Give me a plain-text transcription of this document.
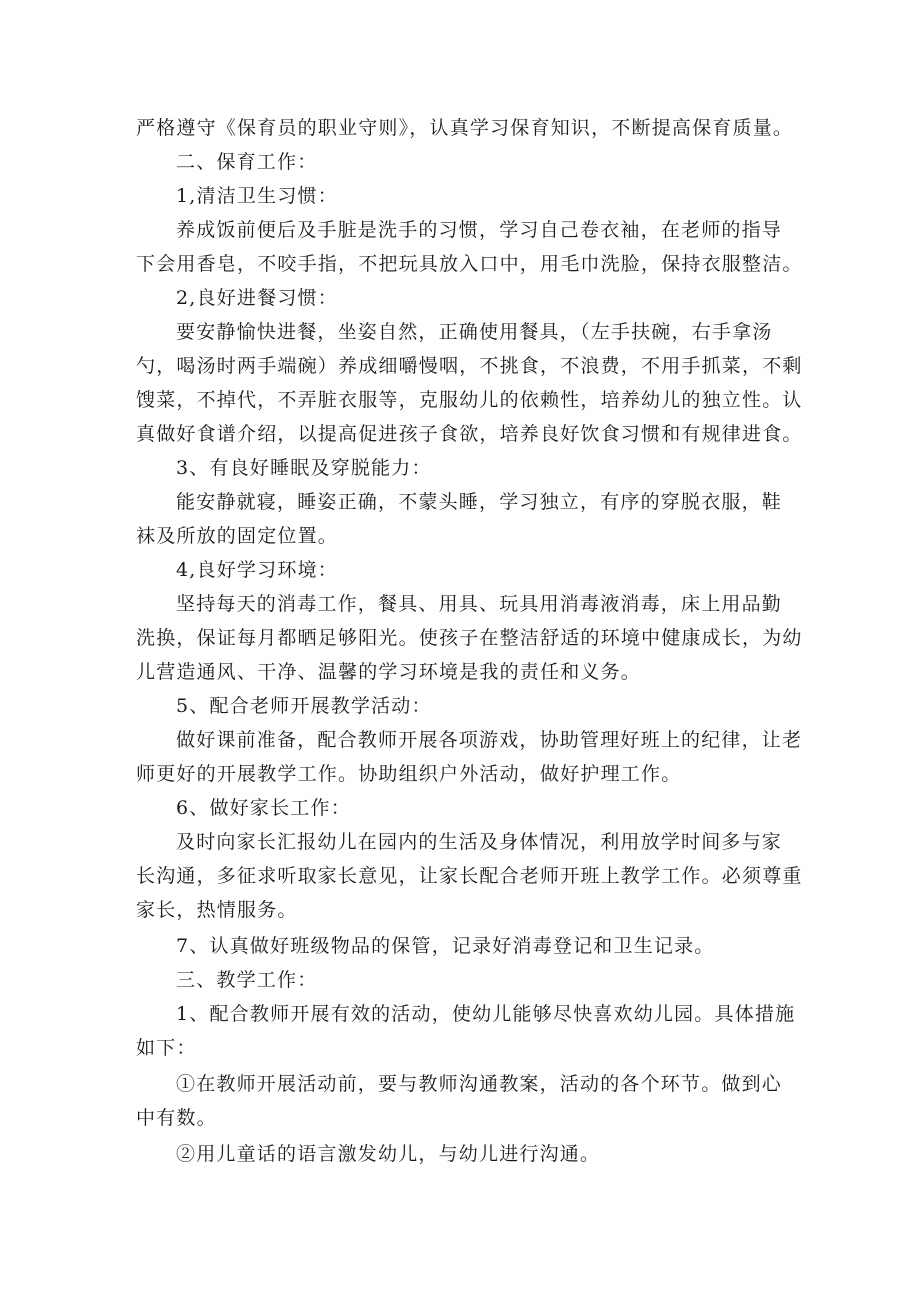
严格遵守《保育员的职业守则》，认真学习保育知识，不断提高保育质量。
二、保育工作：
1,清洁卫生习惯：
养成饭前便后及手脏是洗手的习惯，学习自己卷衣袖，在老师的指导
下会用香皂，不咬手指，不把玩具放入口中，用毛巾洗脸，保持衣服整洁。
2,良好进餐习惯：
要安静愉快进餐，坐姿自然，正确使用餐具，（左手扶碗，右手拿汤
勺，喝汤时两手端碗）养成细嚼慢咽，不挑食，不浪费，不用手抓菜，不剩
馊菜，不掉代，不弄脏衣服等，克服幼儿的依赖性，培养幼儿的独立性。认
真做好食谱介绍，以提高促进孩子食欲，培养良好饮食习惯和有规律进食。
3、有良好睡眠及穿脱能力：
能安静就寝，睡姿正确，不蒙头睡，学习独立，有序的穿脱衣服，鞋
袜及所放的固定位置。
4,良好学习环境：
坚持每天的消毒工作，餐具、用具、玩具用消毒液消毒，床上用品勤
洗换，保证每月都晒足够阳光。使孩子在整洁舒适的环境中健康成长，为幼
儿营造通风、干净、温馨的学习环境是我的责任和义务。
5、配合老师开展教学活动：
做好课前准备，配合教师开展各项游戏，协助管理好班上的纪律，让老
师更好的开展教学工作。协助组织户外活动，做好护理工作。
6、做好家长工作：
及时向家长汇报幼儿在园内的生活及身体情况，利用放学时间多与家
长沟通，多征求听取家长意见，让家长配合老师开班上教学工作。必须尊重
家长，热情服务。
7、认真做好班级物品的保管，记录好消毒登记和卫生记录。
三、教学工作：
1、配合教师开展有效的活动，使幼儿能够尽快喜欢幼儿园。具体措施
如下：
①在教师开展活动前，要与教师沟通教案，活动的各个环节。做到心
中有数。
②用儿童话的语言激发幼儿，与幼儿进行沟通。
